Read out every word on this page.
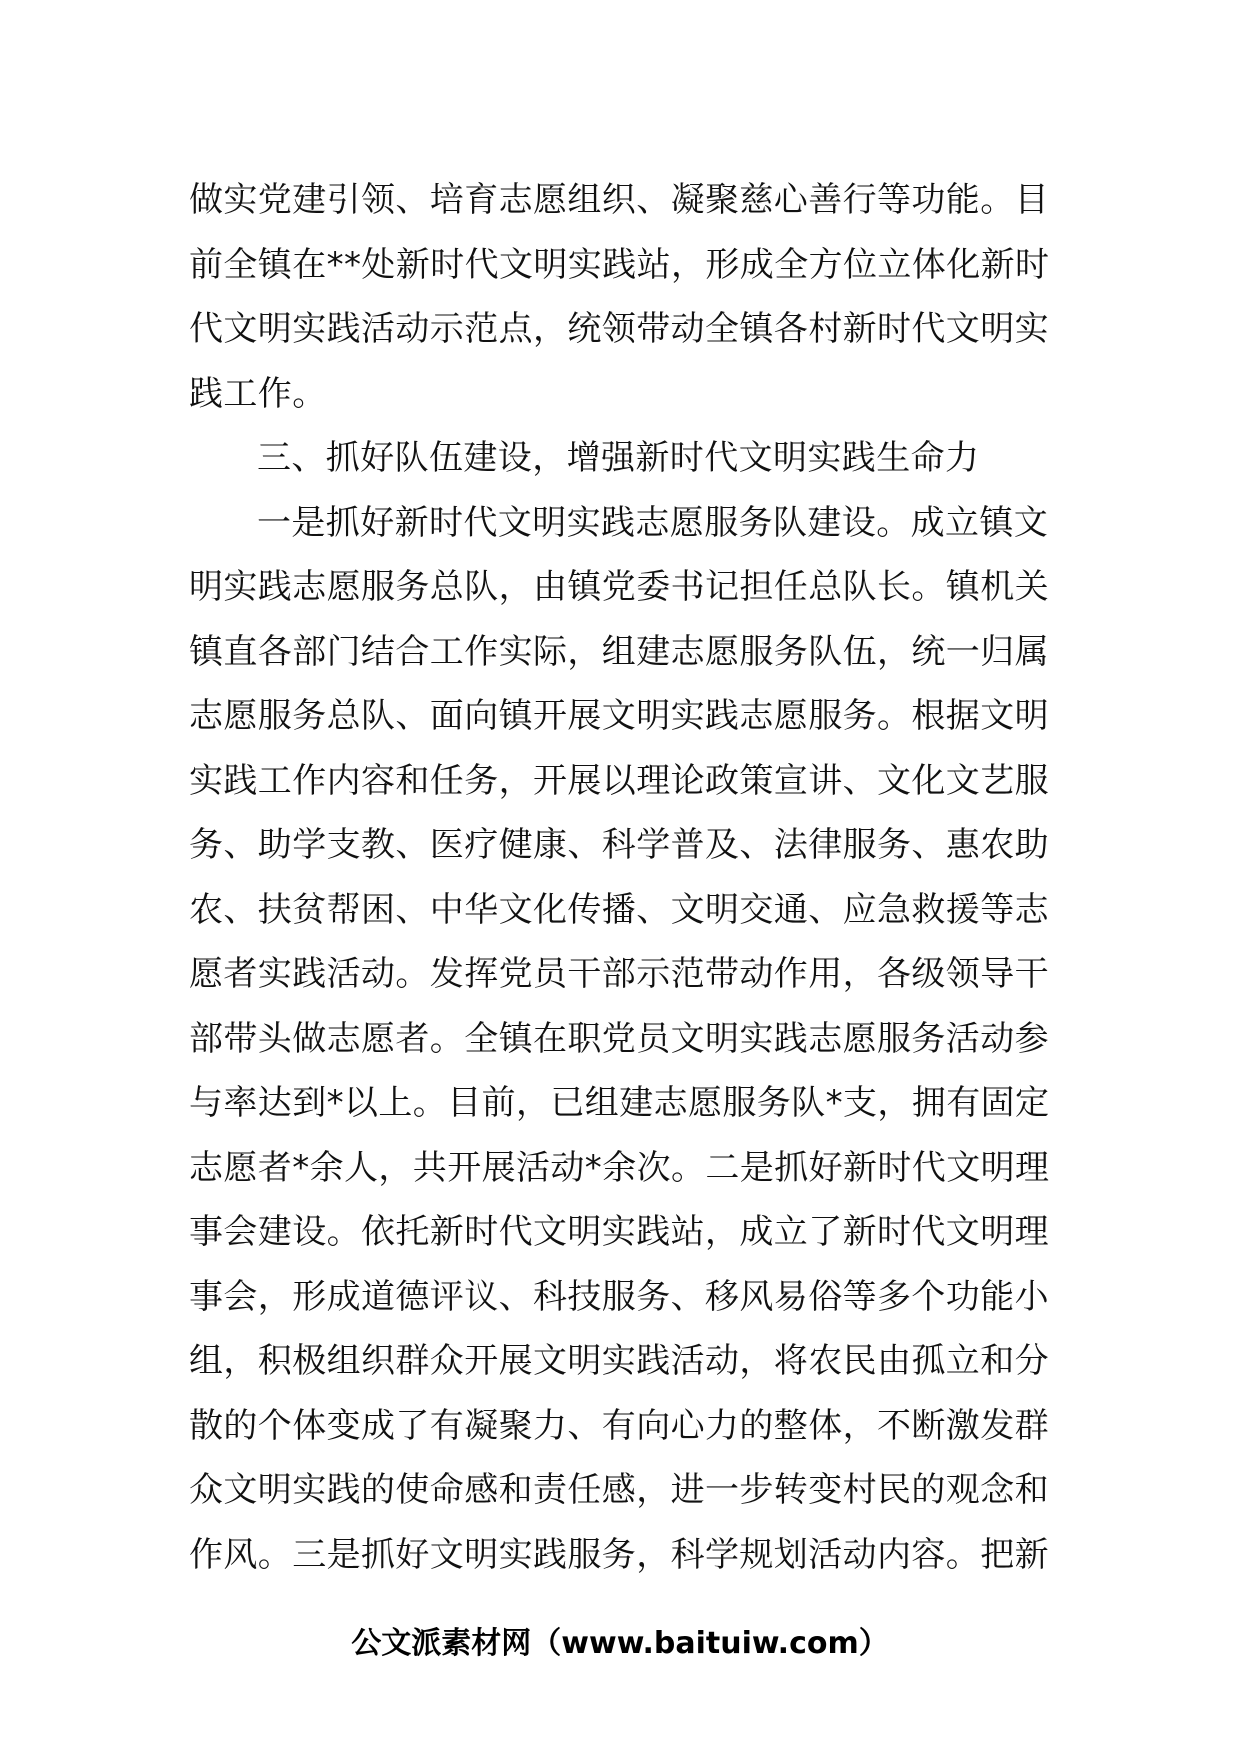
做实党建引领、培育志愿组织、凝聚慈心善行等功能。目
前全镇在**处新时代文明实践站，形成全方位立体化新时
代文明实践活动示范点，统领带动全镇各村新时代文明实
践工作。

三、抓好队伍建设，增强新时代文明实践生命力

一是抓好新时代文明实践志愿服务队建设。成立镇文
明实践志愿服务总队，由镇党委书记担任总队长。镇机关
镇直各部门结合工作实际，组建志愿服务队伍，统一归属
志愿服务总队、面向镇开展文明实践志愿服务。根据文明
实践工作内容和任务，开展以理论政策宣讲、文化文艺服
务、助学支教、医疗健康、科学普及、法律服务、惠农助
农、扶贫帮困、中华文化传播、文明交通、应急救援等志
愿者实践活动。发挥党员干部示范带动作用，各级领导干
部带头做志愿者。全镇在职党员文明实践志愿服务活动参
与率达到*以上。目前，已组建志愿服务队*支，拥有固定
志愿者*余人，共开展活动*余次。二是抓好新时代文明理
事会建设。依托新时代文明实践站，成立了新时代文明理
事会，形成道德评议、科技服务、移风易俗等多个功能小
组，积极组织群众开展文明实践活动，将农民由孤立和分
散的个体变成了有凝聚力、有向心力的整体，不断激发群
众文明实践的使命感和责任感，进一步转变村民的观念和
作风。三是抓好文明实践服务，科学规划活动内容。把新

公文派素材网（www.baituiw.com）
